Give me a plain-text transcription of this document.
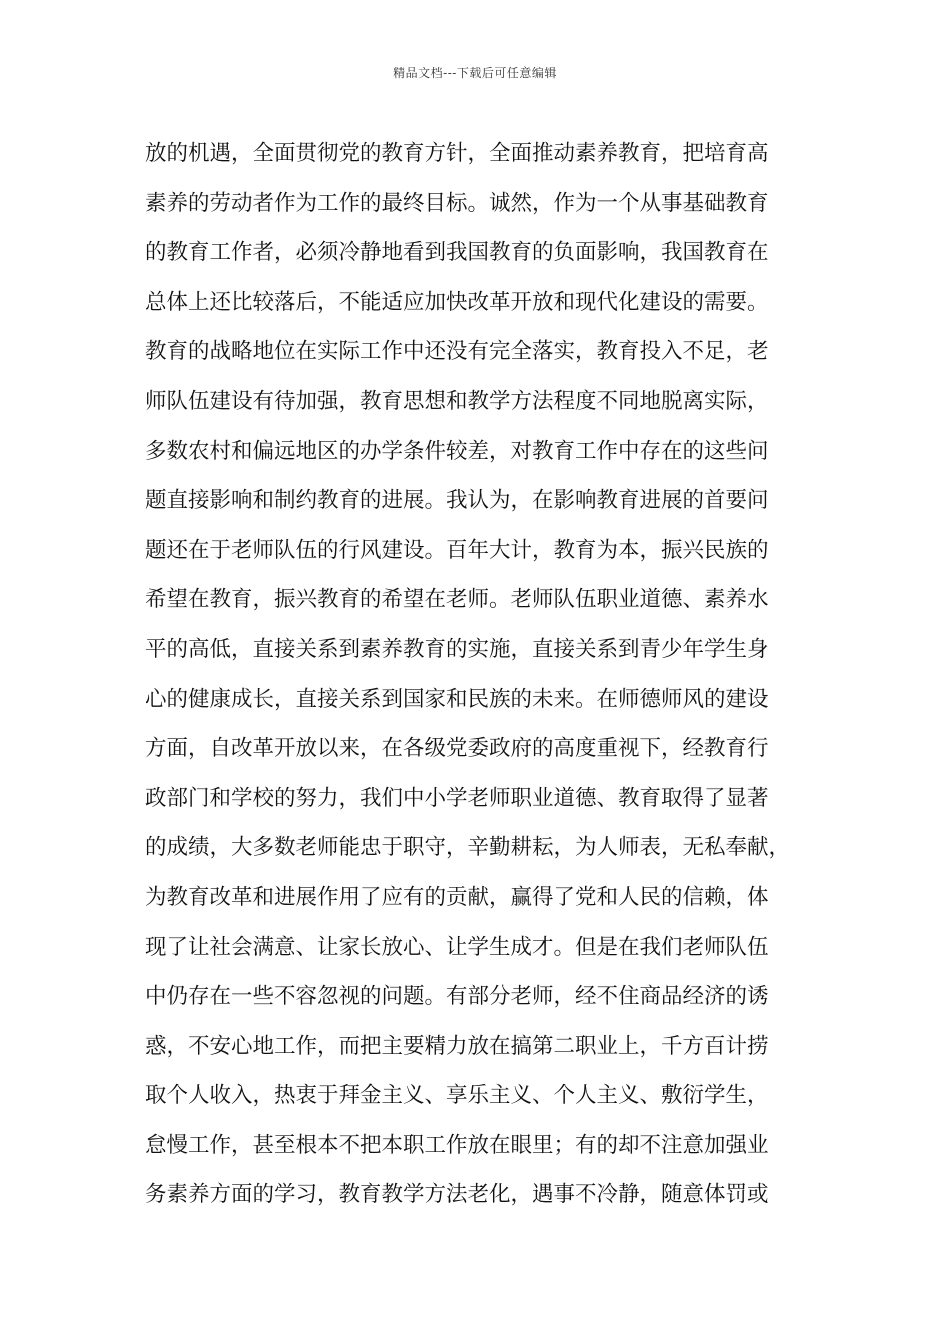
精品文档---下载后可任意编辑
放的机遇，全面贯彻党的教育方针，全面推动素养教育，把培育高
素养的劳动者作为工作的最终目标。诚然，作为一个从事基础教育
的教育工作者，必须冷静地看到我国教育的负面影响，我国教育在
总体上还比较落后，不能适应加快改革开放和现代化建设的需要。
教育的战略地位在实际工作中还没有完全落实，教育投入不足，老
师队伍建设有待加强，教育思想和教学方法程度不同地脱离实际，
多数农村和偏远地区的办学条件较差，对教育工作中存在的这些问
题直接影响和制约教育的进展。我认为，在影响教育进展的首要问
题还在于老师队伍的行风建设。百年大计，教育为本，振兴民族的
希望在教育，振兴教育的希望在老师。老师队伍职业道德、素养水
平的高低，直接关系到素养教育的实施，直接关系到青少年学生身
心的健康成长，直接关系到国家和民族的未来。在师德师风的建设
方面，自改革开放以来，在各级党委政府的高度重视下，经教育行
政部门和学校的努力，我们中小学老师职业道德、教育取得了显著
的成绩，大多数老师能忠于职守，辛勤耕耘，为人师表，无私奉献，
为教育改革和进展作用了应有的贡献，赢得了党和人民的信赖，体
现了让社会满意、让家长放心、让学生成才。但是在我们老师队伍
中仍存在一些不容忽视的问题。有部分老师，经不住商品经济的诱
惑，不安心地工作，而把主要精力放在搞第二职业上，千方百计捞
取个人收入，热衷于拜金主义、享乐主义、个人主义、敷衍学生，
怠慢工作，甚至根本不把本职工作放在眼里；有的却不注意加强业
务素养方面的学习，教育教学方法老化，遇事不冷静，随意体罚或
